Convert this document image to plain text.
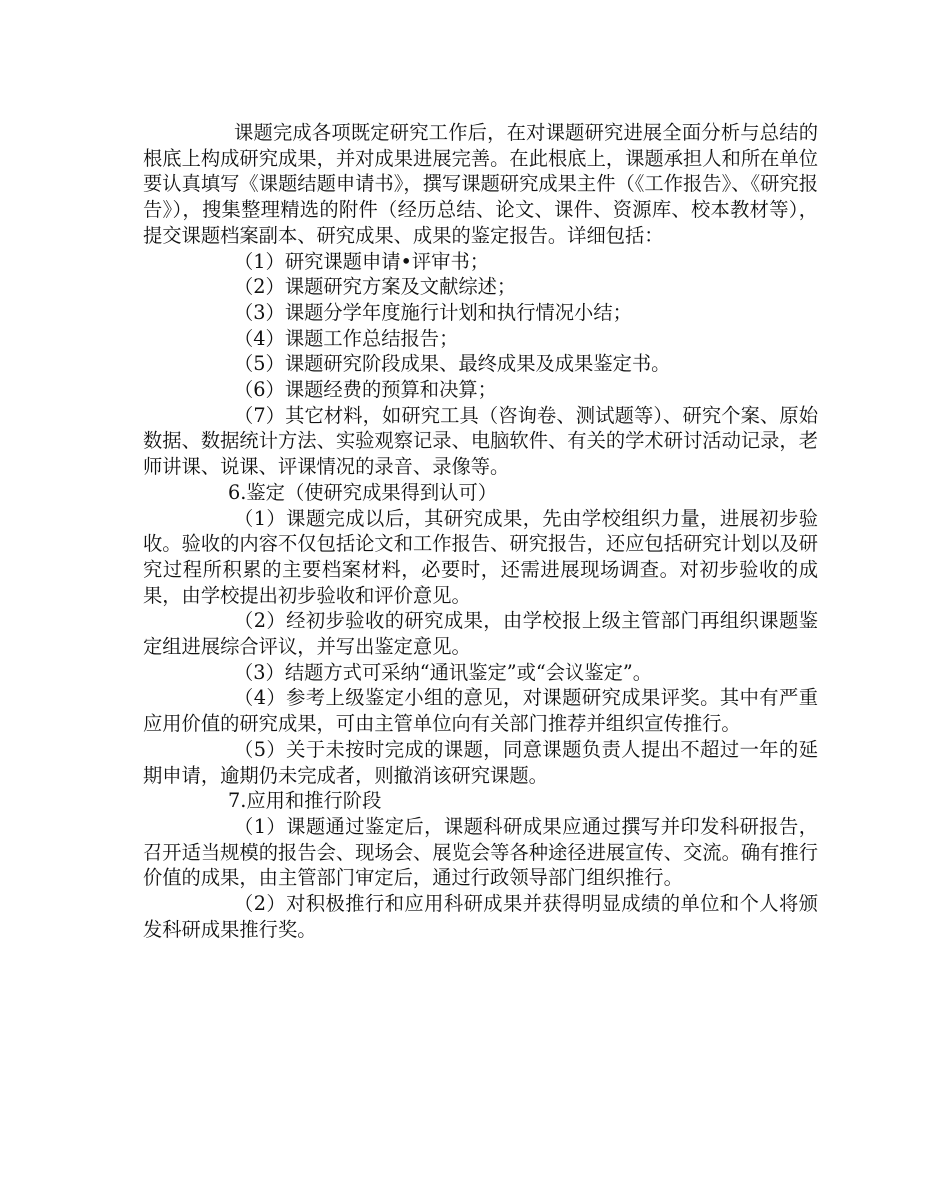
课题完成各项既定研究工作后，在对课题研究进展全面分析与总结的根底上构成研究成果，并对成果进展完善。在此根底上，课题承担人和所在单位要认真填写《课题结题申请书》，撰写课题研究成果主件（《工作报告》、《研究报告》），搜集整理精选的附件（经历总结、论文、课件、资源库、校本教材等），提交课题档案副本、研究成果、成果的鉴定报告。详细包括：

（1）研究课题申请•评审书；

（2）课题研究方案及文献综述；

（3）课题分学年度施行计划和执行情况小结；

（4）课题工作总结报告；

（5）课题研究阶段成果、最终成果及成果鉴定书。

（6）课题经费的预算和决算；

（7）其它材料，如研究工具（咨询卷、测试题等）、研究个案、原始数据、数据统计方法、实验观察记录、电脑软件、有关的学术研讨活动记录，老师讲课、说课、评课情况的录音、录像等。

6.鉴定（使研究成果得到认可）

（1）课题完成以后，其研究成果，先由学校组织力量，进展初步验收。验收的内容不仅包括论文和工作报告、研究报告，还应包括研究计划以及研究过程所积累的主要档案材料，必要时，还需进展现场调查。对初步验收的成果，由学校提出初步验收和评价意见。

（2）经初步验收的研究成果，由学校报上级主管部门再组织课题鉴定组进展综合评议，并写出鉴定意见。

（3）结题方式可采纳“通讯鉴定”或“会议鉴定”。

（4）参考上级鉴定小组的意见，对课题研究成果评奖。其中有严重应用价值的研究成果，可由主管单位向有关部门推荐并组织宣传推行。

（5）关于未按时完成的课题，同意课题负责人提出不超过一年的延期申请，逾期仍未完成者，则撤消该研究课题。

7.应用和推行阶段

（1）课题通过鉴定后，课题科研成果应通过撰写并印发科研报告，召开适当规模的报告会、现场会、展览会等各种途径进展宣传、交流。确有推行价值的成果，由主管部门审定后，通过行政领导部门组织推行。

（2）对积极推行和应用科研成果并获得明显成绩的单位和个人将颁发科研成果推行奖。
